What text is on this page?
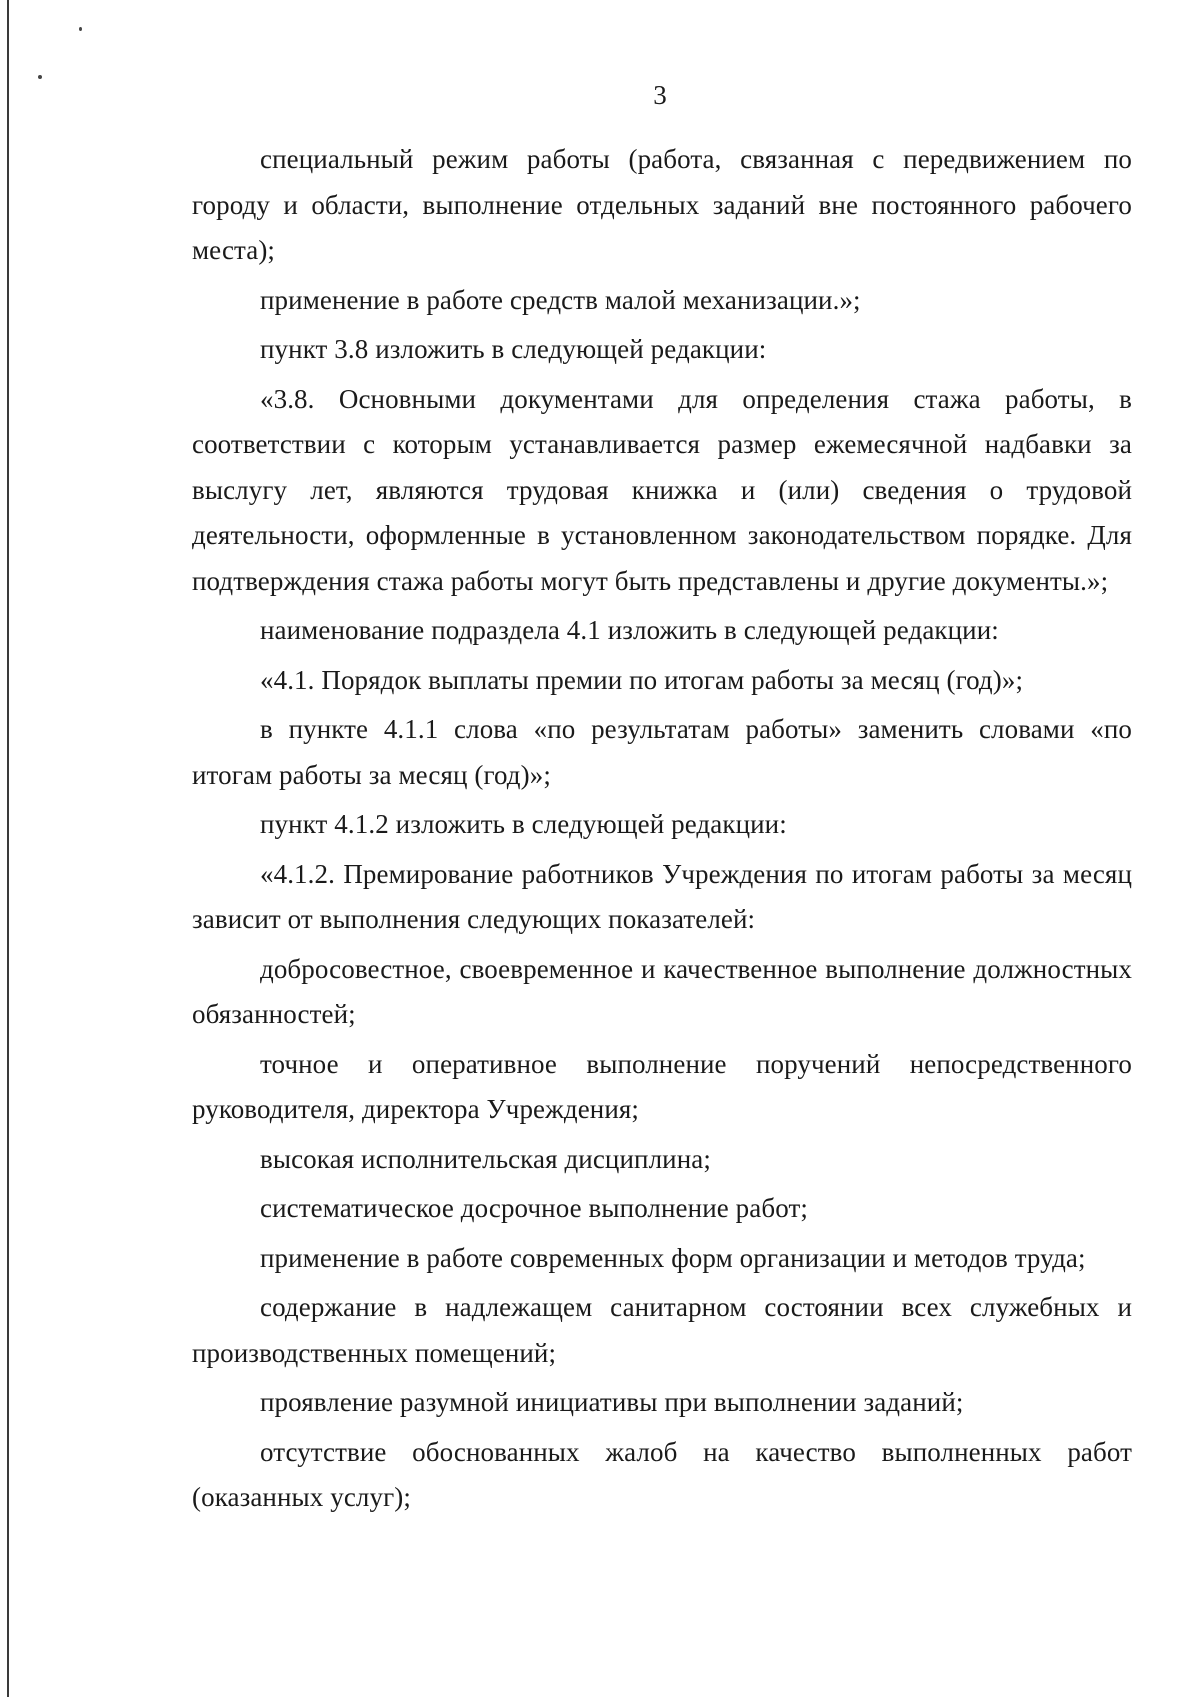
3

специальный режим работы (работа, связанная с передвижением по городу и области, выполнение отдельных заданий вне постоянного рабочего места);

применение в работе средств малой механизации.»;

пункт 3.8 изложить в следующей редакции:

«3.8. Основными документами для определения стажа работы, в соответствии с которым устанавливается размер ежемесячной надбавки за выслугу лет, являются трудовая книжка и (или) сведения о трудовой деятельности, оформленные в установленном законодательством порядке. Для подтверждения стажа работы могут быть представлены и другие документы.»;

наименование подраздела 4.1 изложить в следующей редакции:

«4.1. Порядок выплаты премии по итогам работы за месяц (год)»;

в пункте 4.1.1 слова «по результатам работы» заменить словами «по итогам работы за месяц (год)»;

пункт 4.1.2 изложить в следующей редакции:

«4.1.2. Премирование работников Учреждения по итогам работы за месяц зависит от выполнения следующих показателей:

добросовестное, своевременное и качественное выполнение должностных обязанностей;

точное и оперативное выполнение поручений непосредственного руководителя, директора Учреждения;

высокая исполнительская дисциплина;

систематическое досрочное выполнение работ;

применение в работе современных форм организации и методов труда;

содержание в надлежащем санитарном состоянии всех служебных и производственных помещений;

проявление разумной инициативы при выполнении заданий;

отсутствие обоснованных жалоб на качество выполненных работ (оказанных услуг);
